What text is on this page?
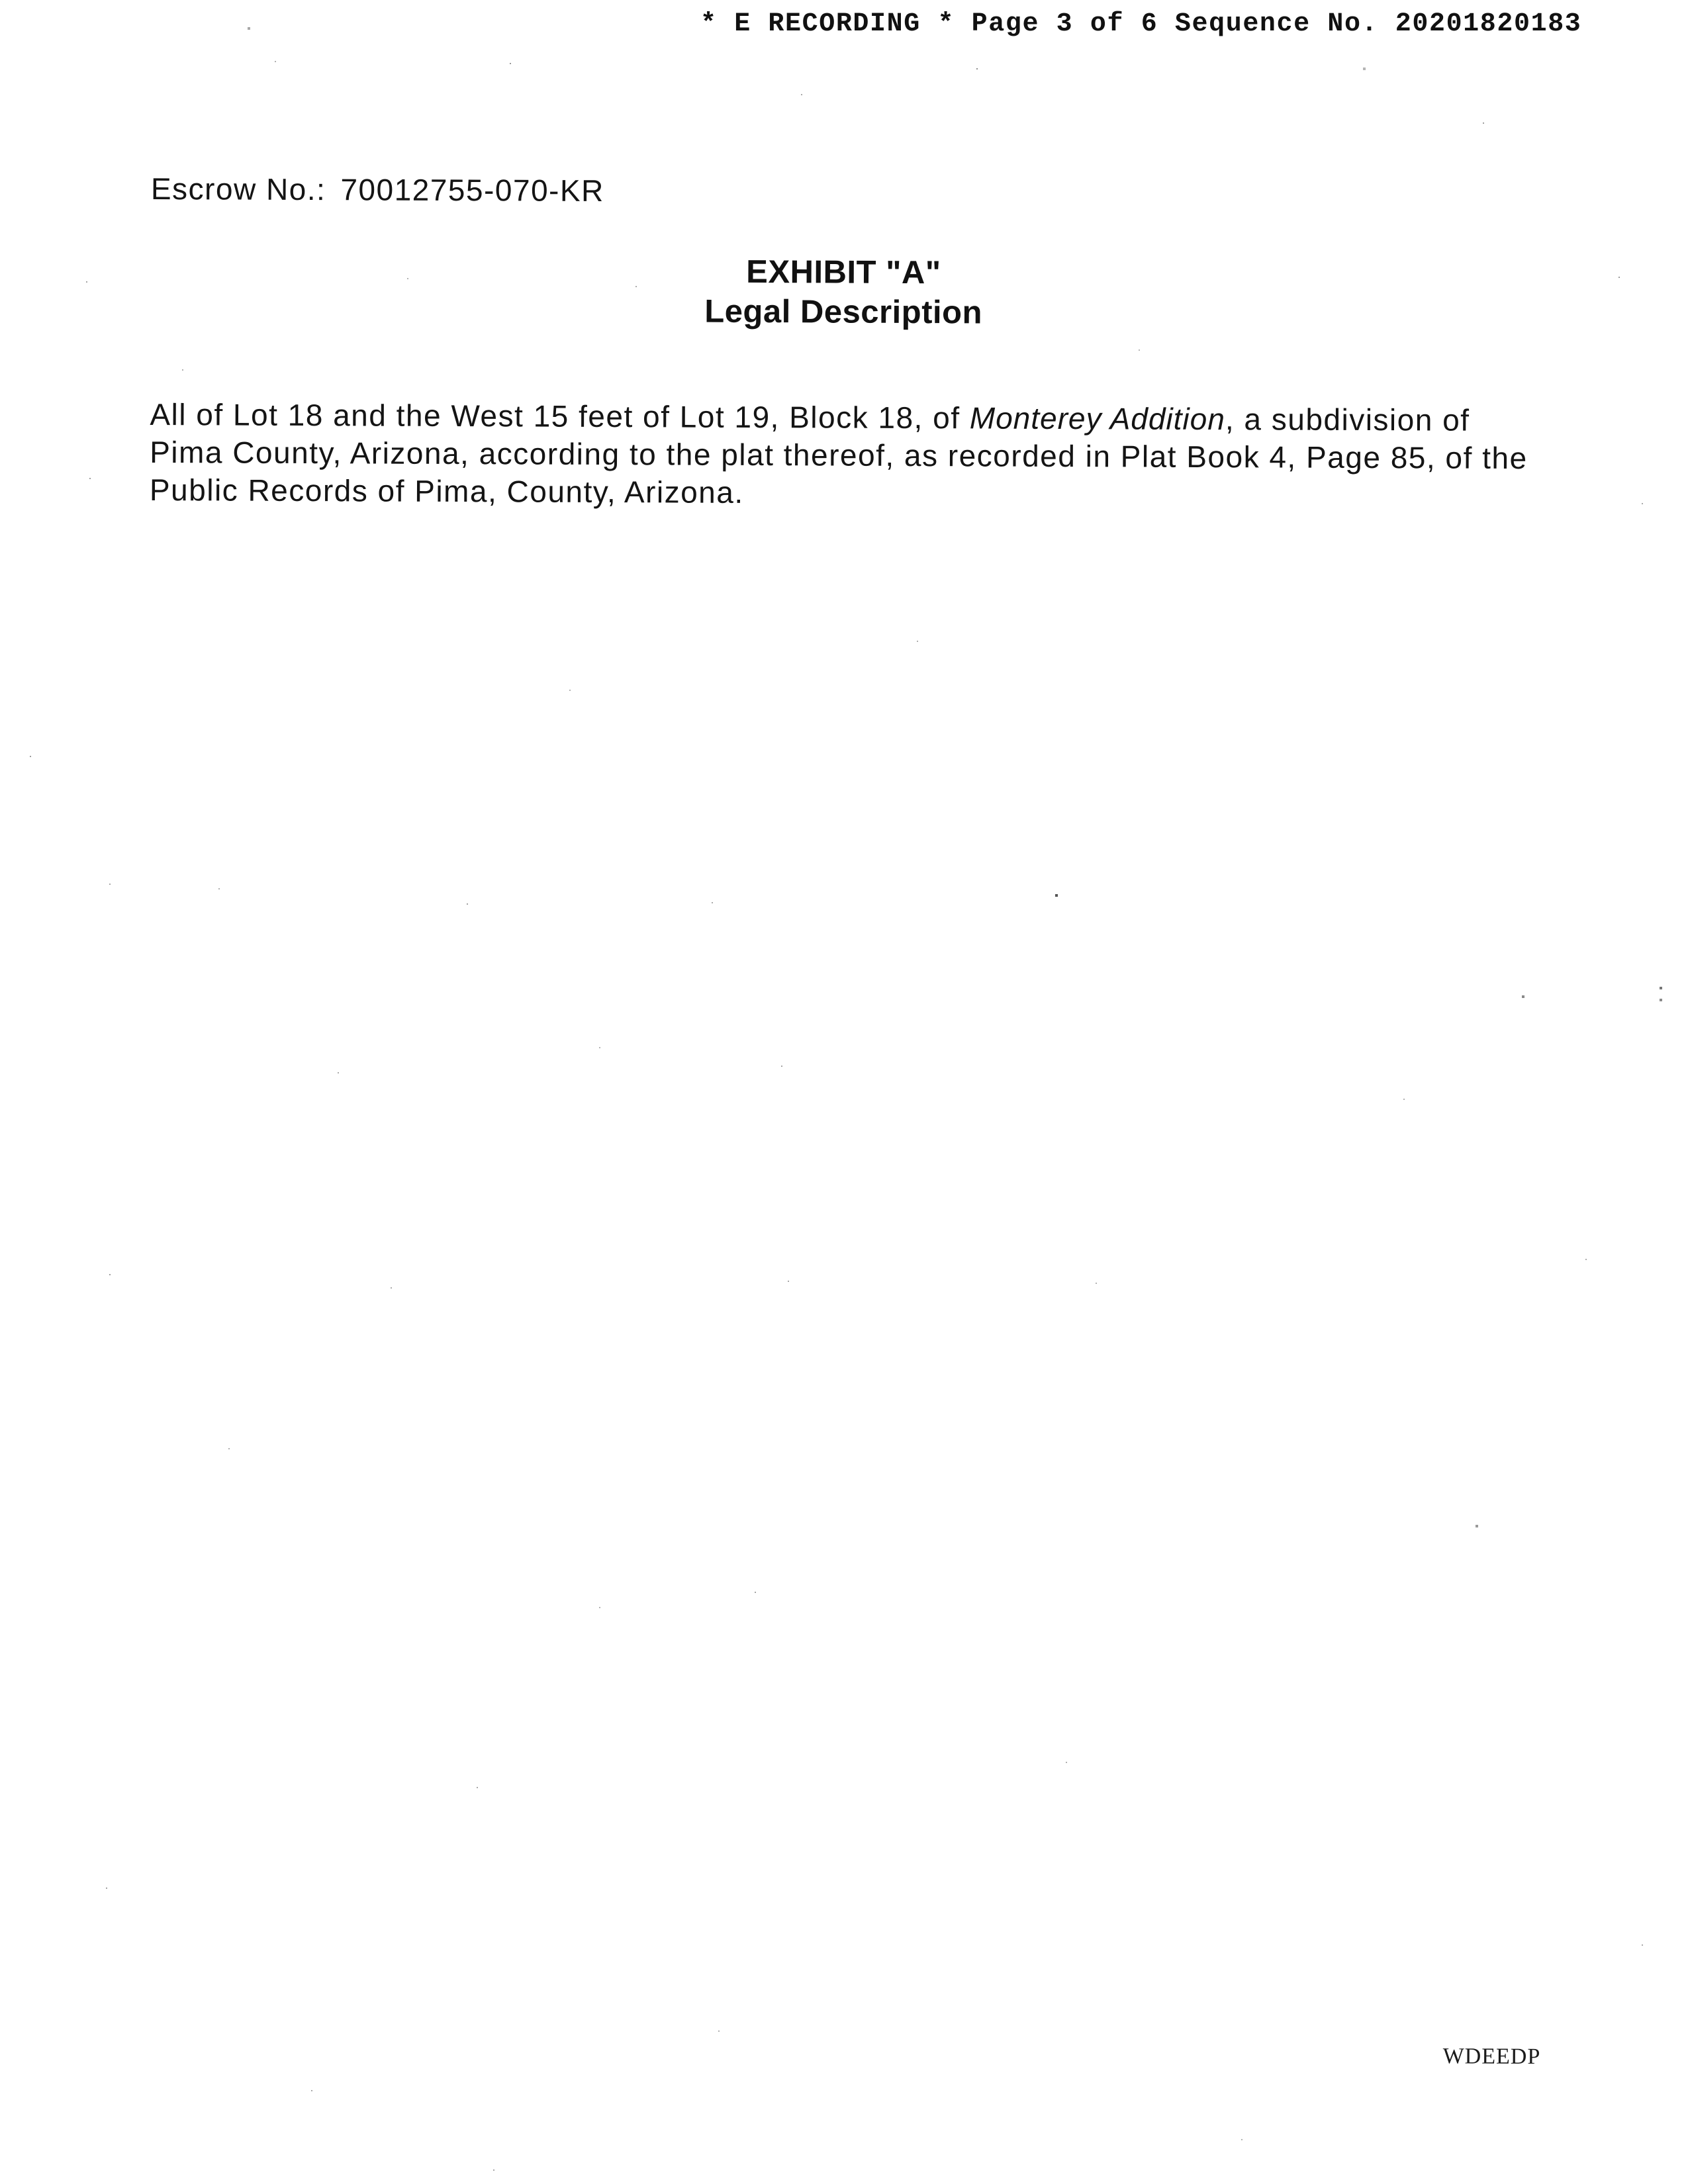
* E RECORDING * Page 3 of 6 Sequence No. 20201820183
Escrow No.: 70012755-070-KR
EXHIBIT "A"
Legal Description

All of Lot 18 and the West 15 feet of Lot 19, Block 18, of Monterey Addition, a subdivision of Pima County, Arizona, according to the plat thereof, as recorded in Plat Book 4, Page 85, of the Public Records of Pima, County, Arizona.

WDEEDP
